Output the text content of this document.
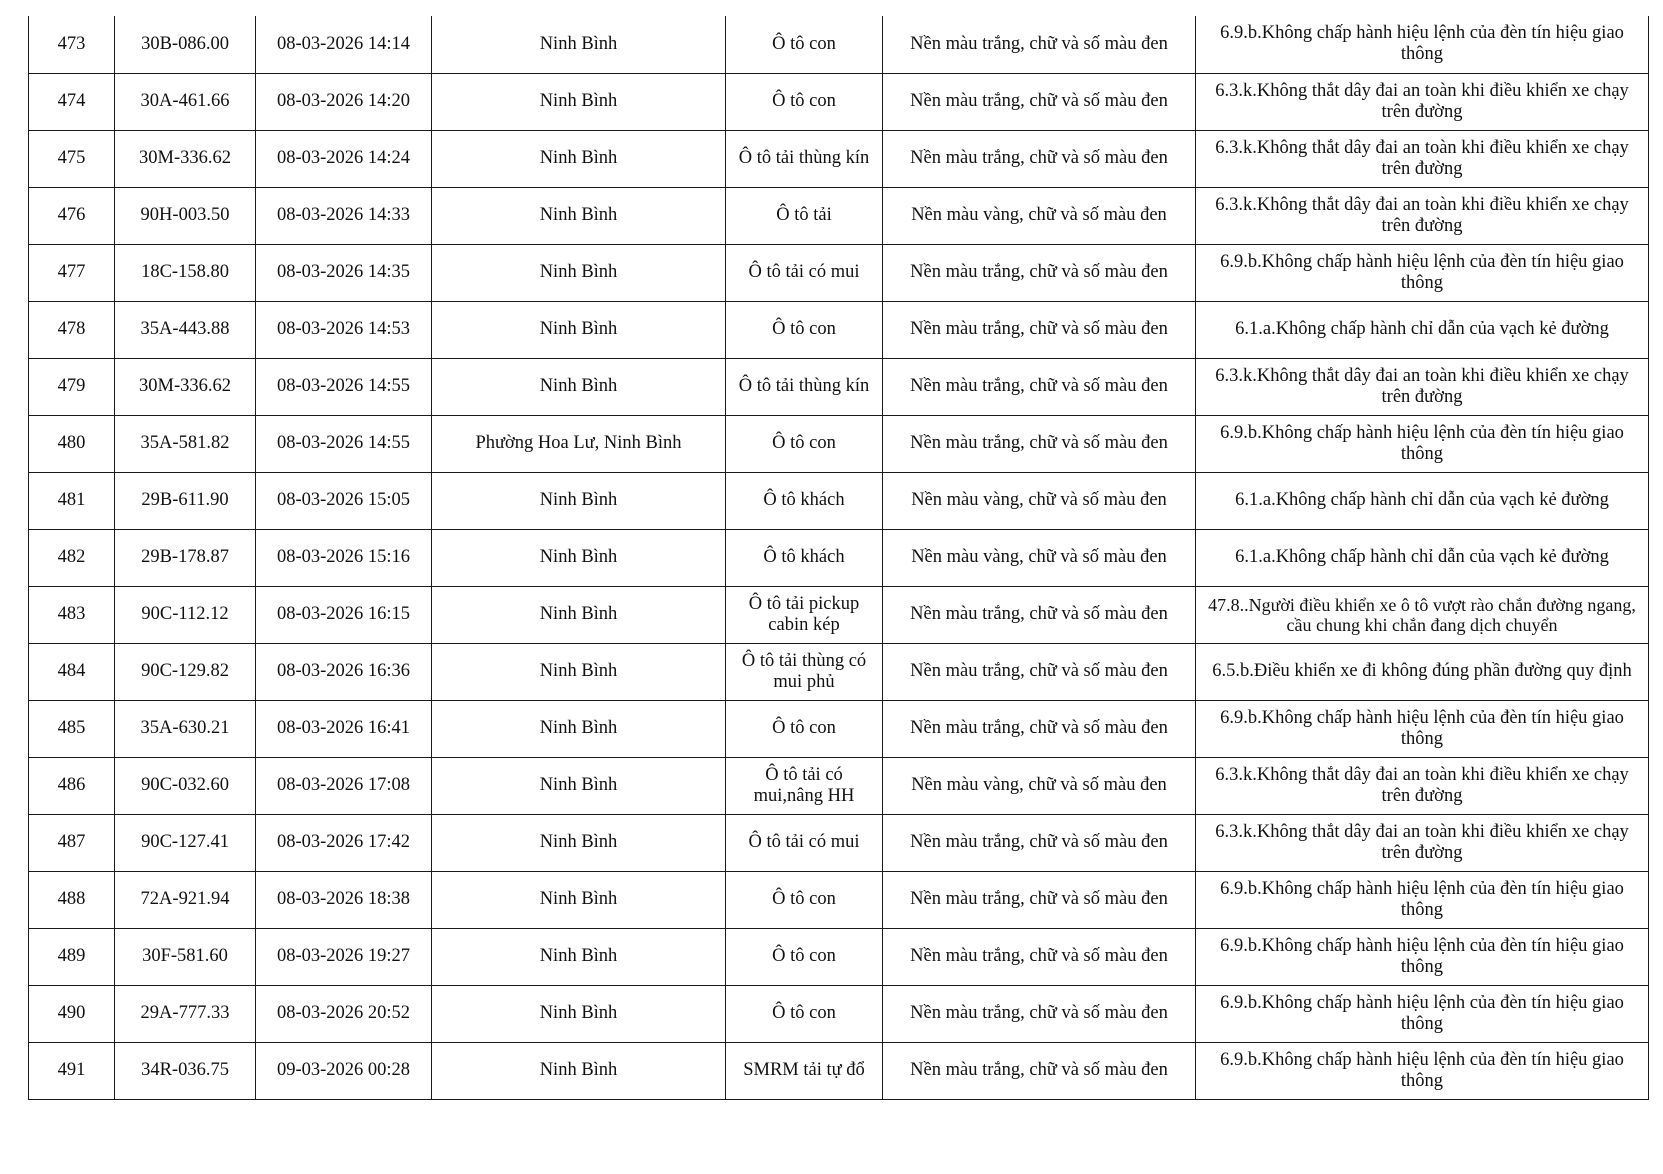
473	30B-086.00	08-03-2026 14:14	Ninh Bình	Ô tô con	Nền màu trắng, chữ và số màu đen	6.9.b.Không chấp hành hiệu lệnh của đèn tín hiệu giao thông
474	30A-461.66	08-03-2026 14:20	Ninh Bình	Ô tô con	Nền màu trắng, chữ và số màu đen	6.3.k.Không thắt dây đai an toàn khi điều khiển xe chạy trên đường
475	30M-336.62	08-03-2026 14:24	Ninh Bình	Ô tô tải thùng kín	Nền màu trắng, chữ và số màu đen	6.3.k.Không thắt dây đai an toàn khi điều khiển xe chạy trên đường
476	90H-003.50	08-03-2026 14:33	Ninh Bình	Ô tô tải	Nền màu vàng, chữ và số màu đen	6.3.k.Không thắt dây đai an toàn khi điều khiển xe chạy trên đường
477	18C-158.80	08-03-2026 14:35	Ninh Bình	Ô tô tải có mui	Nền màu trắng, chữ và số màu đen	6.9.b.Không chấp hành hiệu lệnh của đèn tín hiệu giao thông
478	35A-443.88	08-03-2026 14:53	Ninh Bình	Ô tô con	Nền màu trắng, chữ và số màu đen	6.1.a.Không chấp hành chỉ dẫn của vạch kẻ đường
479	30M-336.62	08-03-2026 14:55	Ninh Bình	Ô tô tải thùng kín	Nền màu trắng, chữ và số màu đen	6.3.k.Không thắt dây đai an toàn khi điều khiển xe chạy trên đường
480	35A-581.82	08-03-2026 14:55	Phường Hoa Lư, Ninh Bình	Ô tô con	Nền màu trắng, chữ và số màu đen	6.9.b.Không chấp hành hiệu lệnh của đèn tín hiệu giao thông
481	29B-611.90	08-03-2026 15:05	Ninh Bình	Ô tô khách	Nền màu vàng, chữ và số màu đen	6.1.a.Không chấp hành chỉ dẫn của vạch kẻ đường
482	29B-178.87	08-03-2026 15:16	Ninh Bình	Ô tô khách	Nền màu vàng, chữ và số màu đen	6.1.a.Không chấp hành chỉ dẫn của vạch kẻ đường
483	90C-112.12	08-03-2026 16:15	Ninh Bình	Ô tô tải pickup cabin kép	Nền màu trắng, chữ và số màu đen	47.8..Người điều khiển xe ô tô vượt rào chắn đường ngang, cầu chung khi chắn đang dịch chuyển
484	90C-129.82	08-03-2026 16:36	Ninh Bình	Ô tô tải thùng có mui phủ	Nền màu trắng, chữ và số màu đen	6.5.b.Điều khiển xe đi không đúng phần đường quy định
485	35A-630.21	08-03-2026 16:41	Ninh Bình	Ô tô con	Nền màu trắng, chữ và số màu đen	6.9.b.Không chấp hành hiệu lệnh của đèn tín hiệu giao thông
486	90C-032.60	08-03-2026 17:08	Ninh Bình	Ô tô tải có mui,nâng HH	Nền màu vàng, chữ và số màu đen	6.3.k.Không thắt dây đai an toàn khi điều khiển xe chạy trên đường
487	90C-127.41	08-03-2026 17:42	Ninh Bình	Ô tô tải có mui	Nền màu trắng, chữ và số màu đen	6.3.k.Không thắt dây đai an toàn khi điều khiển xe chạy trên đường
488	72A-921.94	08-03-2026 18:38	Ninh Bình	Ô tô con	Nền màu trắng, chữ và số màu đen	6.9.b.Không chấp hành hiệu lệnh của đèn tín hiệu giao thông
489	30F-581.60	08-03-2026 19:27	Ninh Bình	Ô tô con	Nền màu trắng, chữ và số màu đen	6.9.b.Không chấp hành hiệu lệnh của đèn tín hiệu giao thông
490	29A-777.33	08-03-2026 20:52	Ninh Bình	Ô tô con	Nền màu trắng, chữ và số màu đen	6.9.b.Không chấp hành hiệu lệnh của đèn tín hiệu giao thông
491	34R-036.75	09-03-2026 00:28	Ninh Bình	SMRM tải tự đổ	Nền màu trắng, chữ và số màu đen	6.9.b.Không chấp hành hiệu lệnh của đèn tín hiệu giao thông
